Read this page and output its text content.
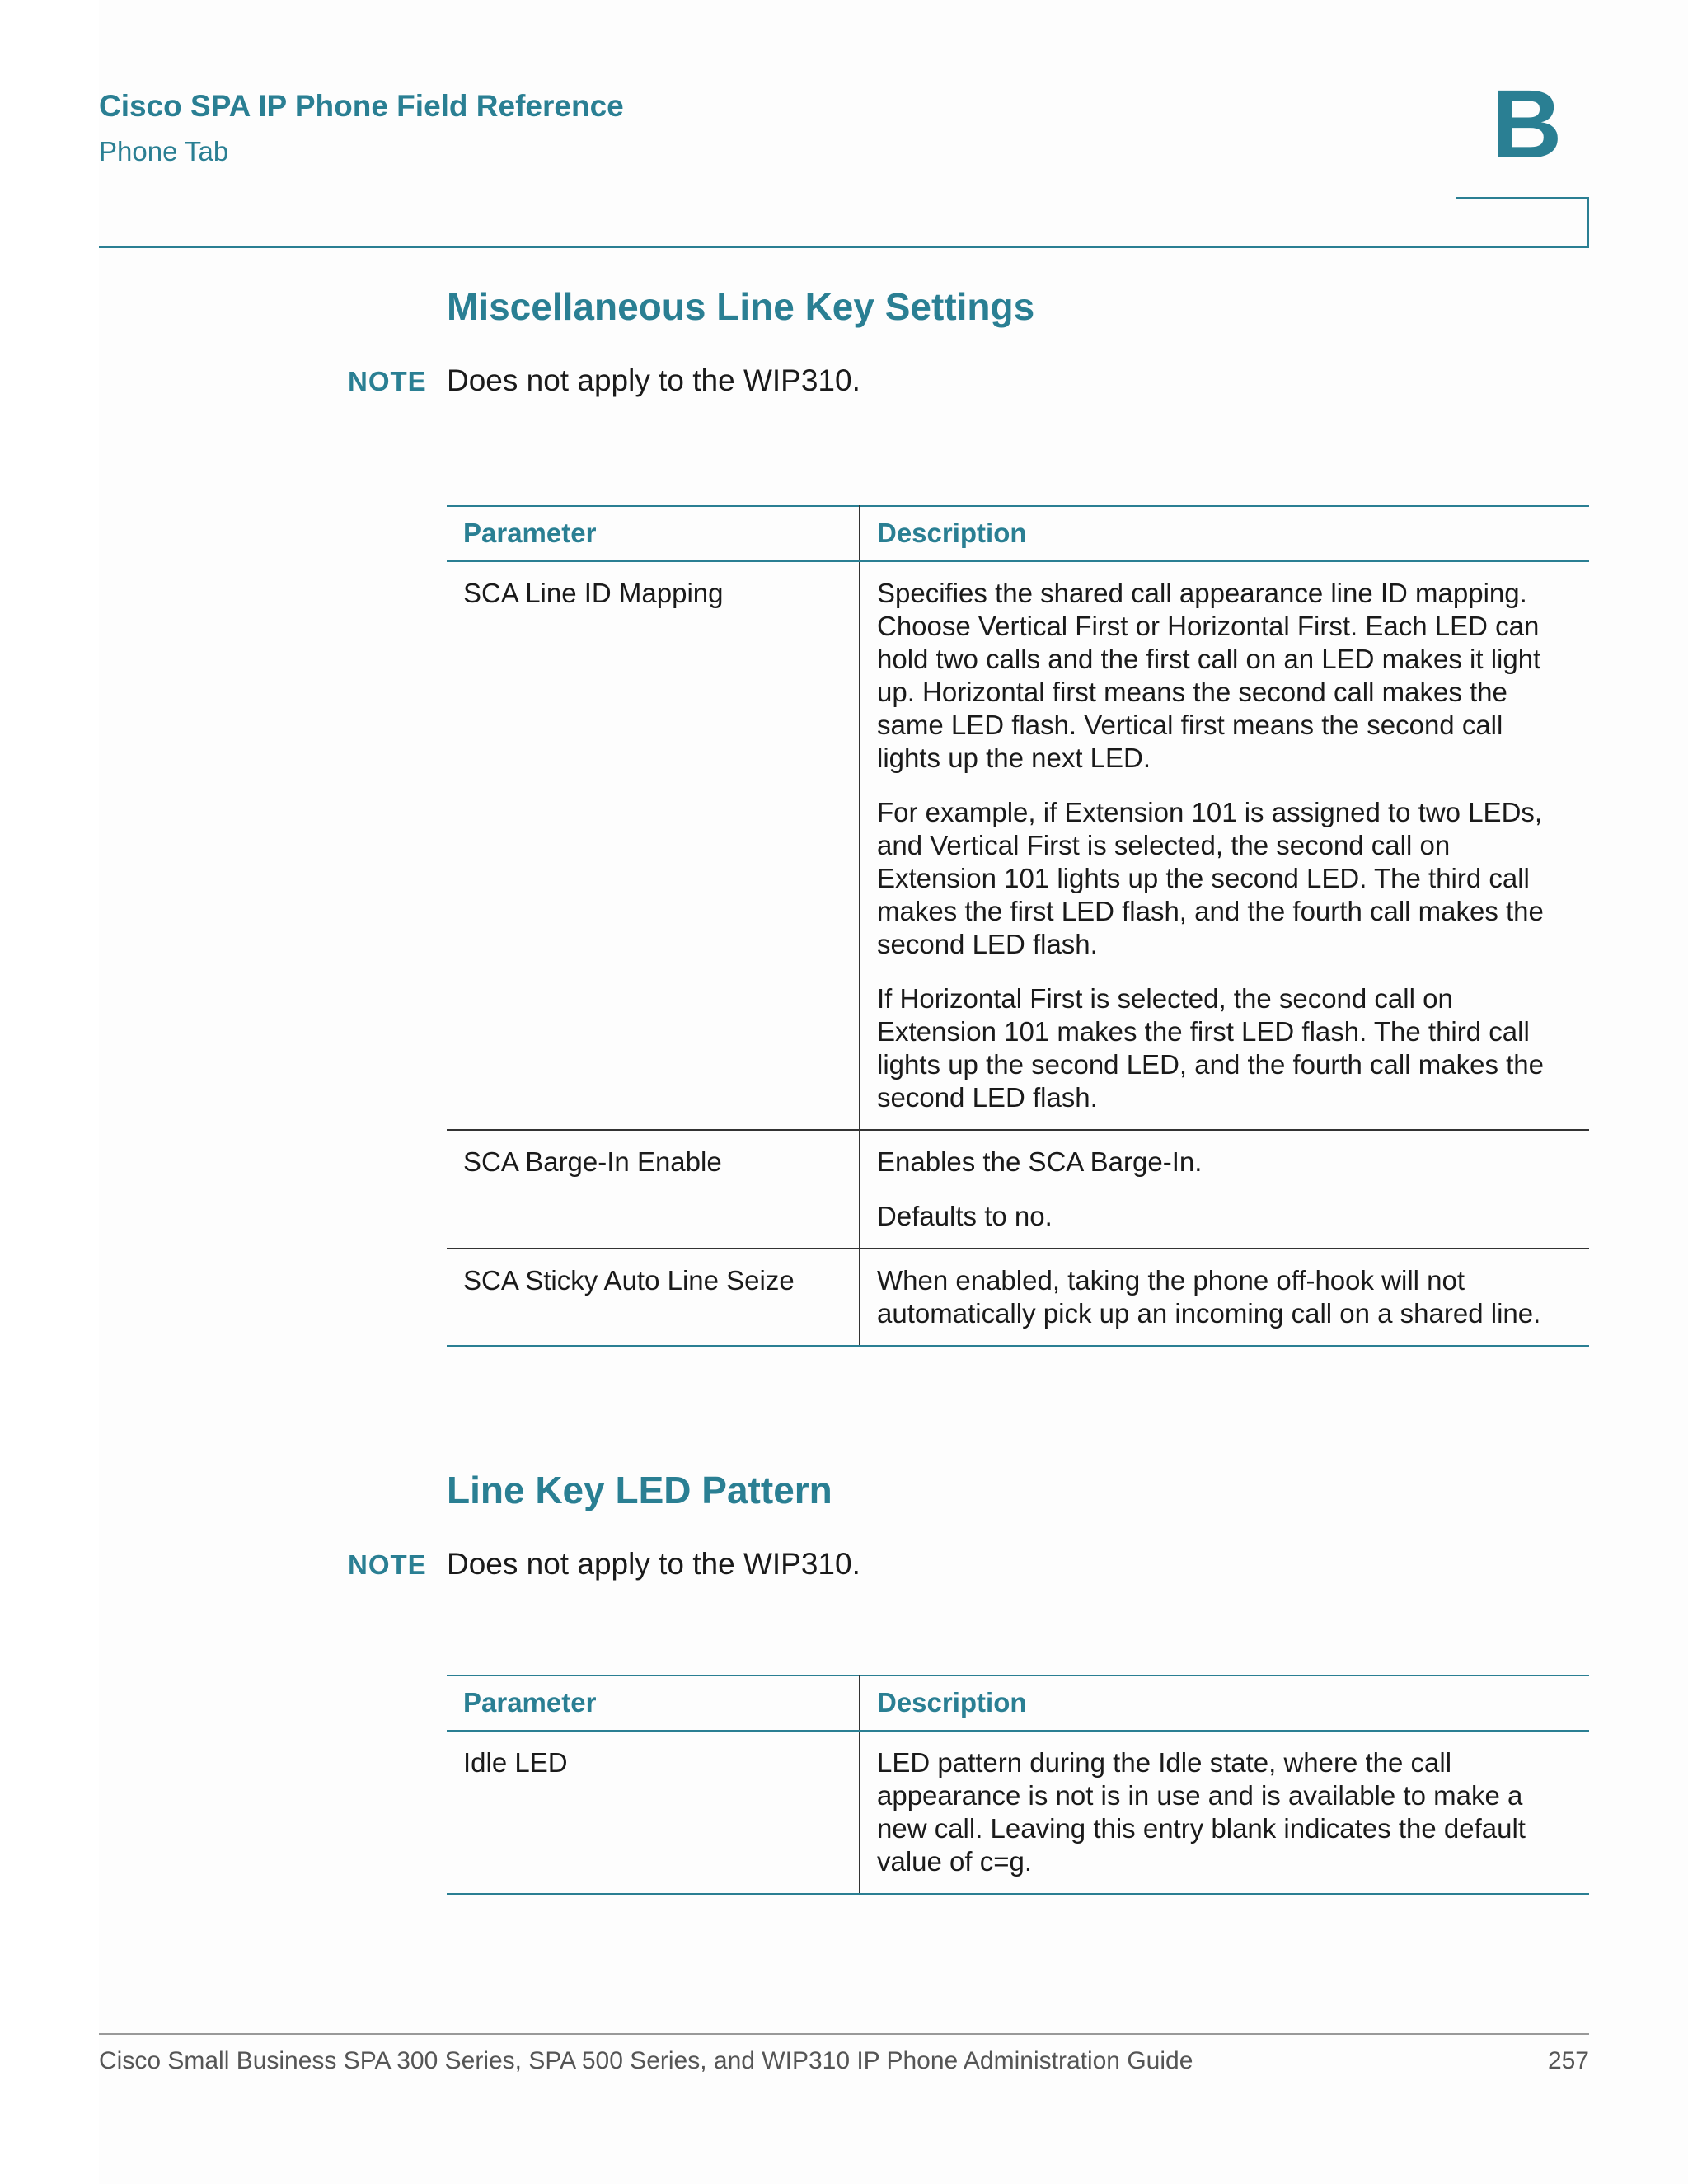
Cisco SPA IP Phone Field Reference
Phone Tab	B
Miscellaneous Line Key Settings
NOTE Does not apply to the WIP310.
Parameter	Description
SCA Line ID Mapping	Specifies the shared call appearance line ID mapping. Choose Vertical First or Horizontal First. Each LED can hold two calls and the first call on an LED makes it light up. Horizontal first means the second call makes the same LED flash. Vertical first means the second call lights up the next LED.

For example, if Extension 101 is assigned to two LEDs, and Vertical First is selected, the second call on Extension 101 lights up the second LED. The third call makes the first LED flash, and the fourth call makes the second LED flash.

If Horizontal First is selected, the second call on Extension 101 makes the first LED flash. The third call lights up the second LED, and the fourth call makes the second LED flash.

SCA Barge-In Enable	Enables the SCA Barge-In.

Defaults to no.

SCA Sticky Auto Line Seize	When enabled, taking the phone off-hook will not automatically pick up an incoming call on a shared line.

Line Key LED Pattern
NOTE Does not apply to the WIP310.
Parameter	Description
Idle LED	LED pattern during the Idle state, where the call appearance is not is in use and is available to make a new call. Leaving this entry blank indicates the default value of c=g.

Cisco Small Business SPA 300 Series, SPA 500 Series, and WIP310 IP Phone Administration Guide	257
